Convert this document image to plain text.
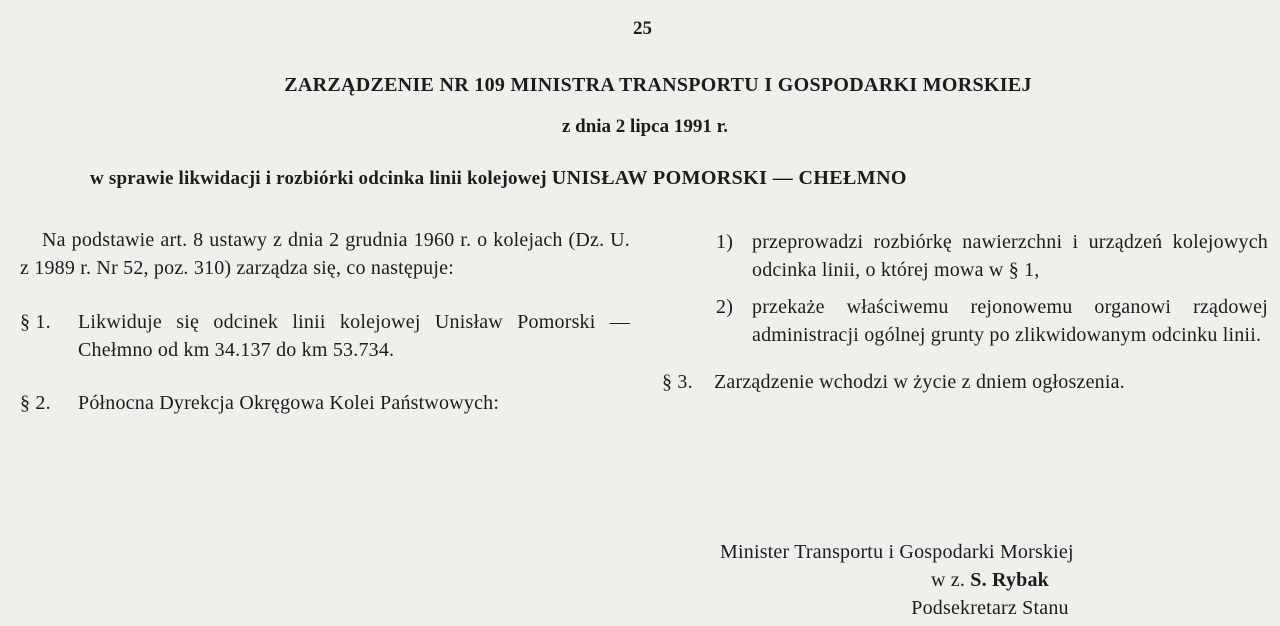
25
ZARZĄDZENIE NR 109 MINISTRA TRANSPORTU I GOSPODARKI MORSKIEJ
z dnia 2 lipca 1991 r.
w sprawie likwidacji i rozbiórki odcinka linii kolejowej UNISŁAW POMORSKI — CHEŁMNO

Na podstawie art. 8 ustawy z dnia 2 grudnia 1960 r. o kolejach (Dz. U. z 1989 r. Nr 52, poz. 310) zarządza się, co następuje:

§ 1.	Likwiduje się odcinek linii kolejowej Unisław Pomorski — Chełmno od km 34.137 do km 53.734.
§ 2.	Północna Dyrekcja Okręgowa Kolei Państwowych:
1) przeprowadzi rozbiórkę nawierzchni i urządzeń kolejowych odcinka linii, o której mowa w § 1,
2) przekaże właściwemu rejonowemu organowi rządowej administracji ogólnej grunty po zlikwidowanym odcinku linii.
§ 3.	Zarządzenie wchodzi w życie z dniem ogłoszenia.
Minister Transportu i Gospodarki Morskiej
w z. S. Rybak
Podsekretarz Stanu
